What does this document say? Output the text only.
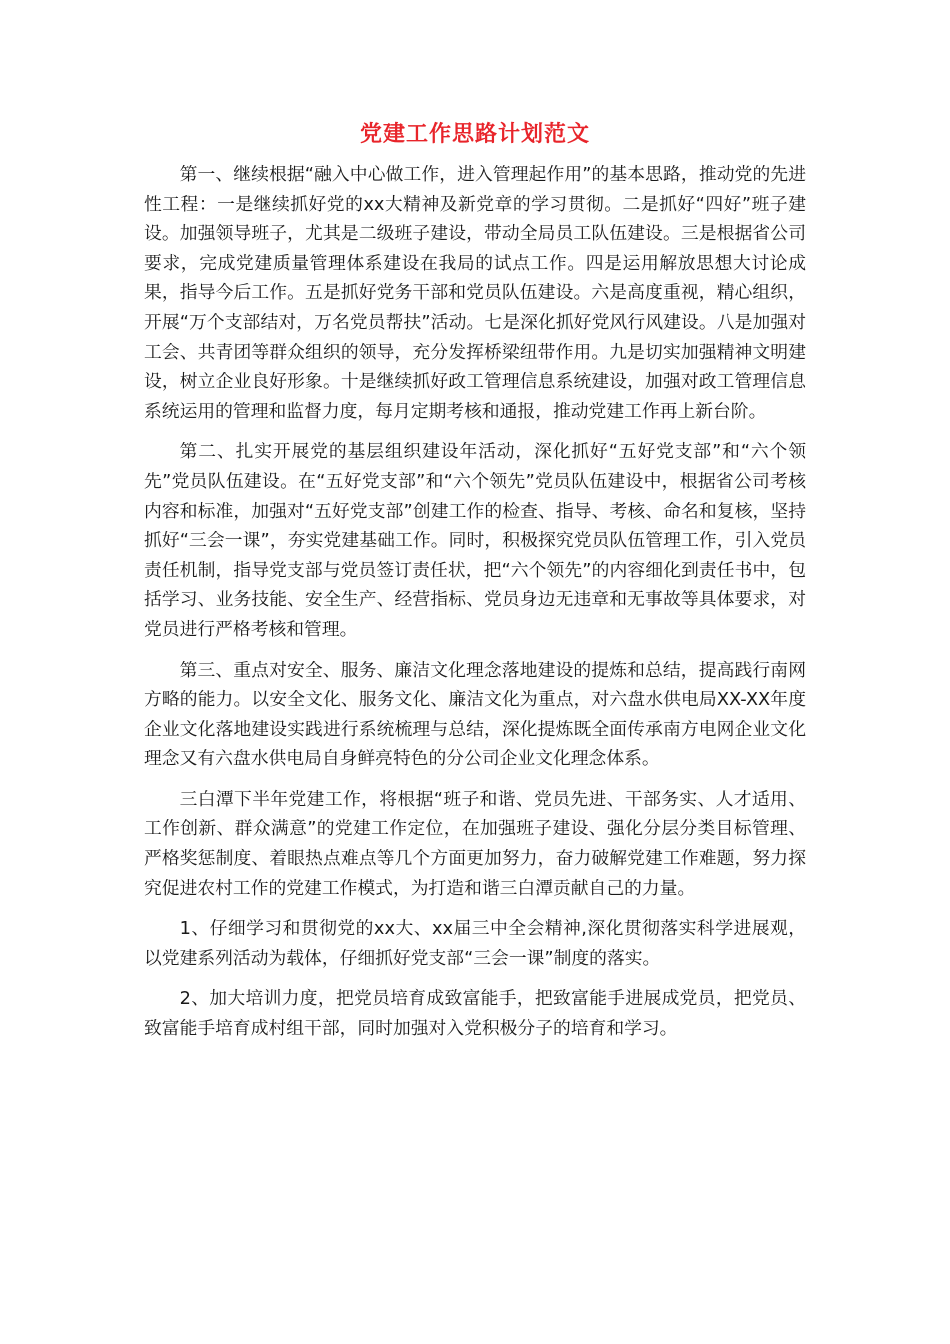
党建工作思路计划范文

第一、继续根据“融入中心做工作，进入管理起作用”的基本思路，推动党的先进性工程：一是继续抓好党的xx大精神及新党章的学习贯彻。二是抓好“四好”班子建设。加强领导班子，尤其是二级班子建设，带动全局员工队伍建设。三是根据省公司要求，完成党建质量管理体系建设在我局的试点工作。四是运用解放思想大讨论成果，指导今后工作。五是抓好党务干部和党员队伍建设。六是高度重视，精心组织，开展“万个支部结对，万名党员帮扶”活动。七是深化抓好党风行风建设。八是加强对工会、共青团等群众组织的领导，充分发挥桥梁纽带作用。九是切实加强精神文明建设，树立企业良好形象。十是继续抓好政工管理信息系统建设，加强对政工管理信息系统运用的管理和监督力度，每月定期考核和通报，推动党建工作再上新台阶。

第二、扎实开展党的基层组织建设年活动，深化抓好“五好党支部”和“六个领先”党员队伍建设。在“五好党支部”和“六个领先”党员队伍建设中，根据省公司考核内容和标准，加强对“五好党支部”创建工作的检查、指导、考核、命名和复核，坚持抓好“三会一课”，夯实党建基础工作。同时，积极探究党员队伍管理工作，引入党员责任机制，指导党支部与党员签订责任状，把“六个领先”的内容细化到责任书中，包括学习、业务技能、安全生产、经营指标、党员身边无违章和无事故等具体要求，对党员进行严格考核和管理。

第三、重点对安全、服务、廉洁文化理念落地建设的提炼和总结，提高践行南网方略的能力。以安全文化、服务文化、廉洁文化为重点，对六盘水供电局XX-XX年度企业文化落地建设实践进行系统梳理与总结，深化提炼既全面传承南方电网企业文化理念又有六盘水供电局自身鲜亮特色的分公司企业文化理念体系。

三白潭下半年党建工作，将根据“班子和谐、党员先进、干部务实、人才适用、工作创新、群众满意”的党建工作定位，在加强班子建设、强化分层分类目标管理、严格奖惩制度、着眼热点难点等几个方面更加努力，奋力破解党建工作难题，努力探究促进农村工作的党建工作模式，为打造和谐三白潭贡献自己的力量。

1、仔细学习和贯彻党的xx大、xx届三中全会精神,深化贯彻落实科学进展观，以党建系列活动为载体，仔细抓好党支部“三会一课”制度的落实。

2、加大培训力度，把党员培育成致富能手，把致富能手进展成党员，把党员、致富能手培育成村组干部，同时加强对入党积极分子的培育和学习。
